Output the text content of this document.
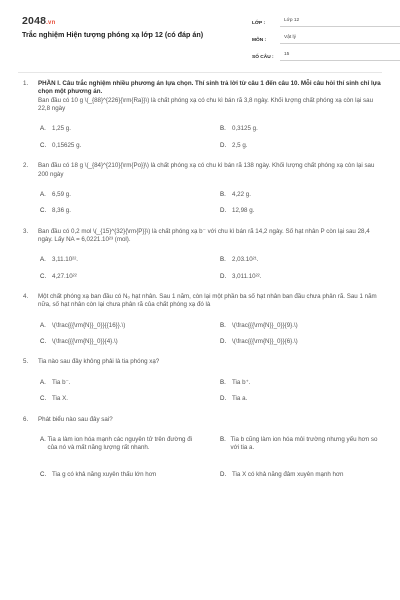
2048.vn
Trắc nghiệm Hiện tượng phóng xạ lớp 12 (có đáp án)
LỚP :
Lớp 12
MÔN :
Vật lý
SỐ CÂU :
15
1. PHẦN I. Câu trắc nghiệm nhiều phương án lựa chọn. Thí sinh trả lời từ câu 1 đến câu 10. Mỗi câu hỏi thí sinh chỉ lựa chọn một phương án.
Ban đầu có 10 g \(_{88}^{226}{\rm{Ra}}\) là chất phóng xạ có chu kì bán rã 3,8 ngày. Khối lượng chất phóng xạ còn lại sau 22,8 ngày
A. 1,25 g.	B. 0,3125 g.
C. 0,15625 g.	D. 2,5 g.
2. Ban đầu có 18 g \(_{84}^{210}{\rm{Po}}\) là chất phóng xạ có chu kì bán rã 138 ngày. Khối lượng chất phóng xạ còn lại sau 200 ngày
A. 6,59 g.	B. 4,22 g.
C. 8,36 g.	D. 12,98 g.
3. Ban đầu có 0,2 mol \(_{15}^{32}{\rm{P}}\) là chất phóng xạ b⁻ với chu kì bán rã 14,2 ngày. Số hạt nhân P còn lại sau 28,4 ngày. Lấy NA = 6,0221.10²³ (mol).
A. 3,11.10²².	B. 2,03.10²¹.
C. 4,27.10²²	D. 3,011.10²².
4. Một chất phóng xạ ban đầu có N₀ hạt nhân. Sau 1 năm, còn lại một phần ba số hạt nhân ban đầu chưa phân rã. Sau 1 năm nữa, số hạt nhân còn lại chưa phân rã của chất phóng xạ đó là
A. \(\frac{{{\rm{N}}_0}}{{16}}.\)	B. \(\frac{{{\rm{N}}_0}}{9}.\)
C. \(\frac{{{\rm{N}}_0}}{4}.\)	D. \(\frac{{{\rm{N}}_0}}{6}.\)
5. Tia nào sau đây không phải là tia phóng xạ?
A. Tia b⁻.	B. Tia b⁺.
C. Tia X.	D. Tia a.
6. Phát biểu nào sau đây sai?
A. Tia a làm ion hóa mạnh các nguyên tử trên đường đi của nó và mất năng lượng rất nhanh.
B. Tia b cũng làm ion hóa môi trường nhưng yếu hơn so với tia a.
C. Tia g có khả năng xuyên thấu lớn hơn	D. Tia X có khả năng đâm xuyên mạnh hơn
